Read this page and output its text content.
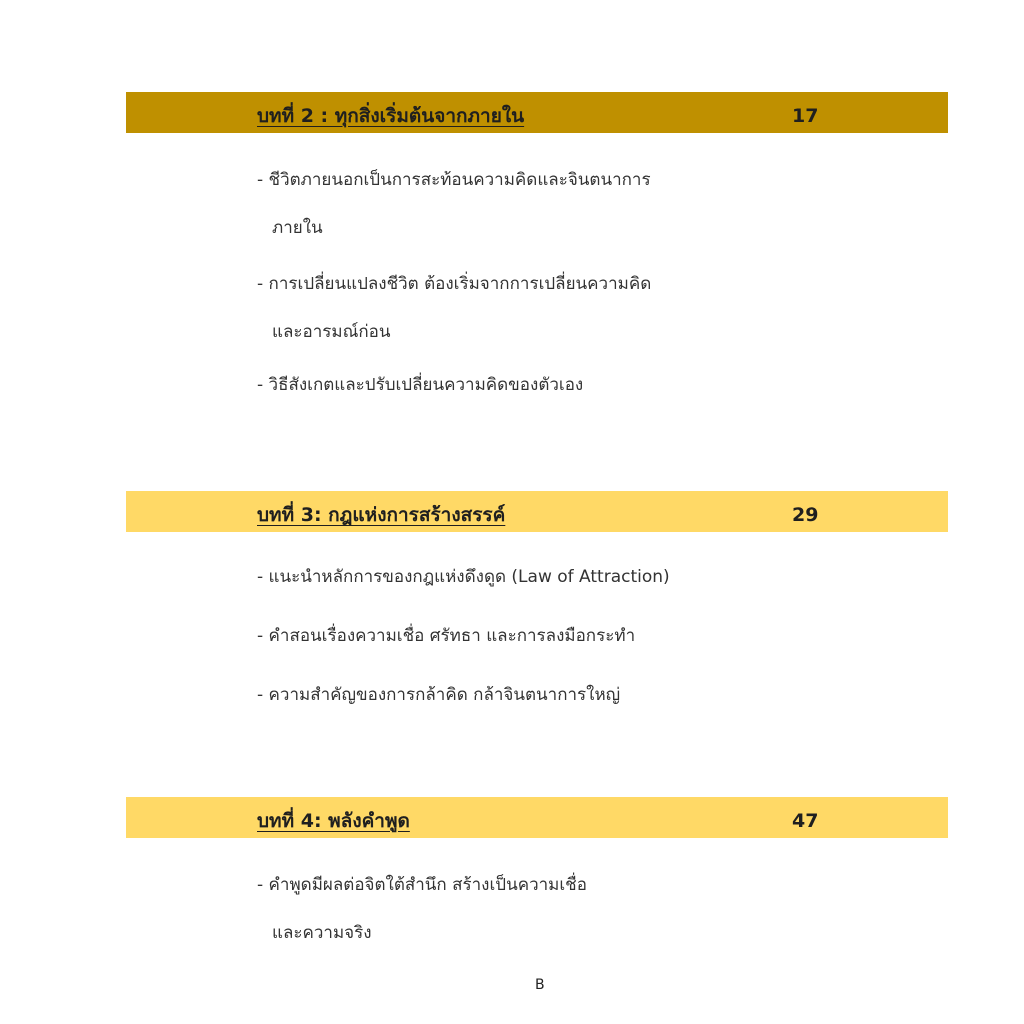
บทที่ 2 : ทุกสิ่งเริ่มต้นจากภายใน	17
- ชีวิตภายนอกเป็นการสะท้อนความคิดและจินตนาการ
ภายใน
- การเปลี่ยนแปลงชีวิต ต้องเริ่มจากการเปลี่ยนความคิด
และอารมณ์ก่อน
- วิธีสังเกตและปรับเปลี่ยนความคิดของตัวเอง
บทที่ 3: กฎแห่งการสร้างสรรค์	29
- แนะนำหลักการของกฎแห่งดึงดูด (Law of Attraction)
- คำสอนเรื่องความเชื่อ ศรัทธา และการลงมือกระทำ
- ความสำคัญของการกล้าคิด กล้าจินตนาการใหญ่
บทที่ 4: พลังคำพูด	47
- คำพูดมีผลต่อจิตใต้สำนึก สร้างเป็นความเชื่อ
และความจริง
B
